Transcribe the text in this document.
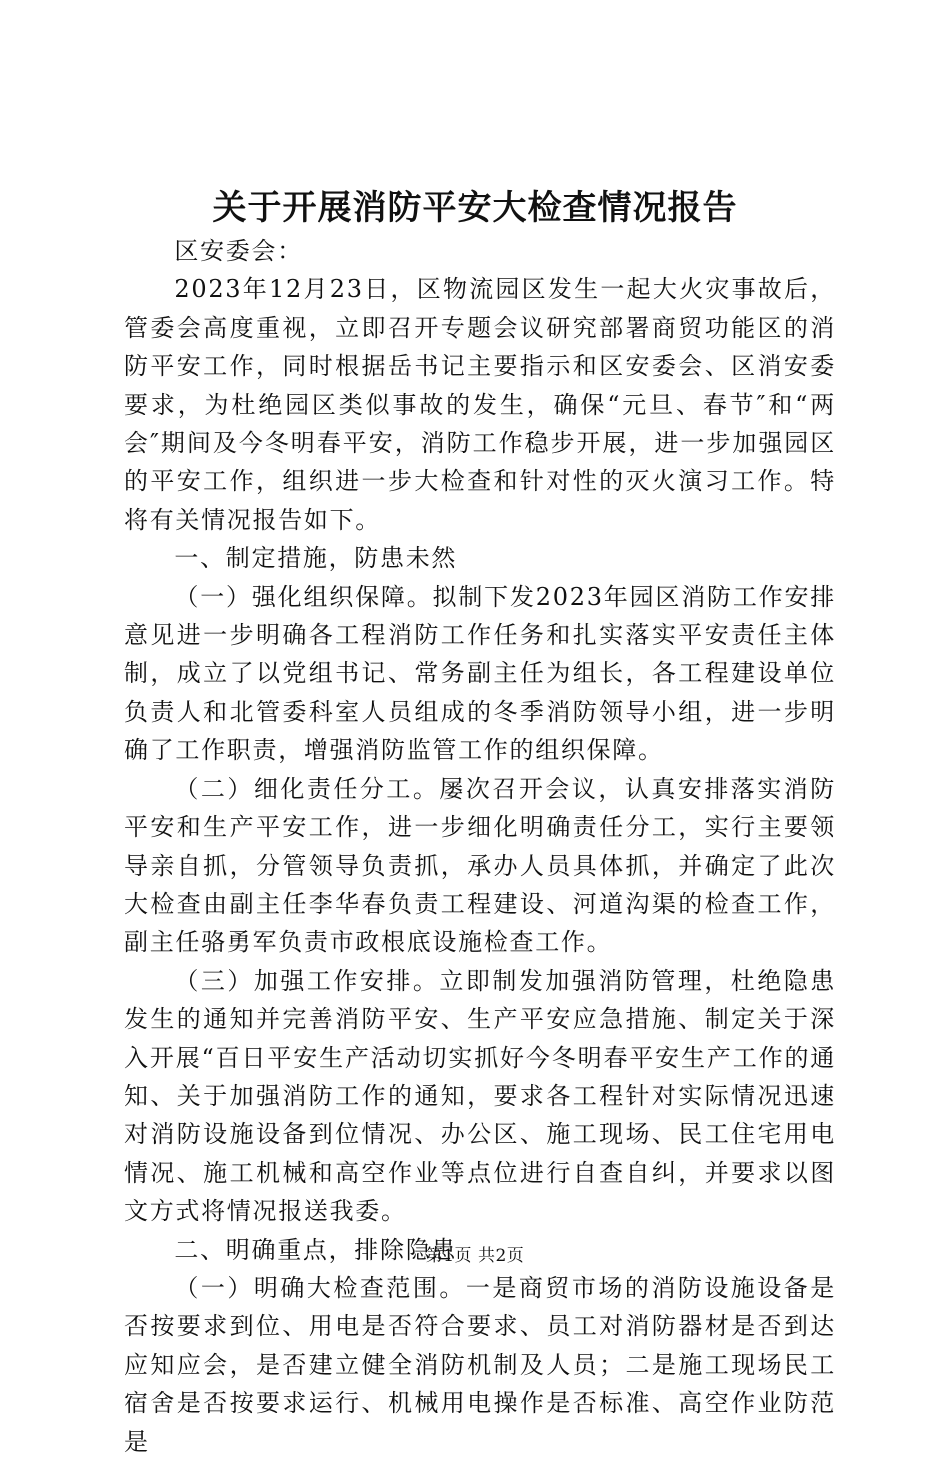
关于开展消防平安大检查情况报告

区安委会：

2023年12月23日，区物流园区发生一起大火灾事故后，管委会高度重视，立即召开专题会议研究部署商贸功能区的消防平安工作，同时根据岳书记主要指示和区安委会、区消安委要求，为杜绝园区类似事故的发生，确保“元旦、春节″和“两会″期间及今冬明春平安，消防工作稳步开展，进一步加强园区的平安工作，组织进一步大检查和针对性的灭火演习工作。特将有关情况报告如下。

一、制定措施，防患未然

（一）强化组织保障。拟制下发2023年园区消防工作安排意见进一步明确各工程消防工作任务和扎实落实平安责任主体制，成立了以党组书记、常务副主任为组长，各工程建设单位负责人和北管委科室人员组成的冬季消防领导小组，进一步明确了工作职责，增强消防监管工作的组织保障。

（二）细化责任分工。屡次召开会议，认真安排落实消防平安和生产平安工作，进一步细化明确责任分工，实行主要领导亲自抓，分管领导负责抓，承办人员具体抓，并确定了此次大检查由副主任李华春负责工程建设、河道沟渠的检查工作，副主任骆勇军负责市政根底设施检查工作。

（三）加强工作安排。立即制发加强消防管理，杜绝隐患发生的通知并完善消防平安、生产平安应急措施、制定关于深入开展“百日平安生产活动切实抓好今冬明春平安生产工作的通知、关于加强消防工作的通知，要求各工程针对实际情况迅速对消防设施设备到位情况、办公区、施工现场、民工住宅用电情况、施工机械和高空作业等点位进行自查自纠，并要求以图文方式将情况报送我委。

二、明确重点，排除隐患

（一）明确大检查范围。一是商贸市场的消防设施设备是否按要求到位、用电是否符合要求、员工对消防器材是否到达应知应会，是否建立健全消防机制及人员；二是施工现场民工宿舍是否按要求运行、机械用电操作是否标准、高空作业防范是

第1页 共2页
